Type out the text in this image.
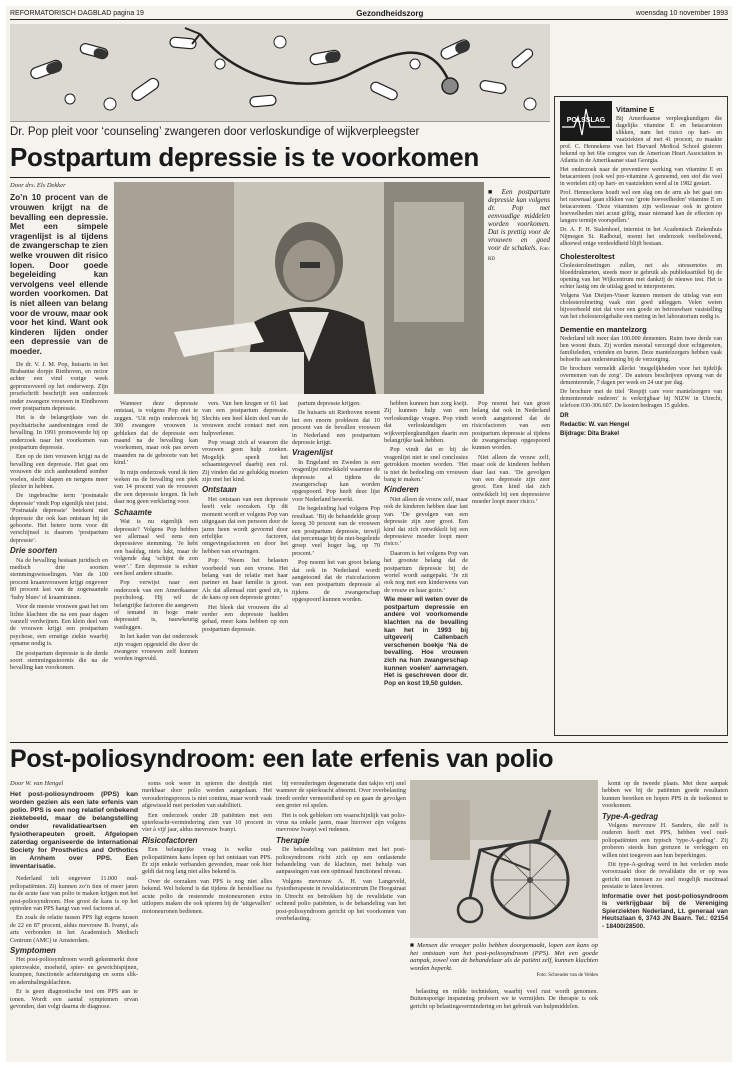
REFORMATORISCH DAGBLAD pagina 19	Gezondheidszorg	woensdag 10 november 1993
Dr. Pop pleit voor ‘counseling’ zwangeren door verloskundige of wijkverpleegster
Postpartum depressie is te voorkomen
Door drs. Els Dekker
Zo’n 10 procent van de vrouwen krijgt na de bevalling een depressie. Met een simpele vragenlijst is al tijdens de zwangerschap te zien welke vrouwen dit risico lopen. Door goede begeleiding kan vervolgens veel ellende worden voorkomen. Dat is niet alleen van belang voor de vrouw, maar ook voor het kind. Want ook kinderen lijden onder een depressie van de moeder.

De dr. V. J. M. Pop, huisarts in het Brabantse dorpje Riethoven, en rector achter een vind vorige week gepromoveerd op het onderwerp. Zijn proefschrift beschrijft een onderzoek onder zwangere vrouwen in Eindhoven over postpartum depressie.

Het is de belangrijkste van de psychiatrische aandoeningen rond de bevalling. In 1991 promoveerde hij op onderzoek naar het voorkomen van postpartum depressie.

Een op de tien vrouwen krijgt na de bevalling een depressie. Het gaat om vrouwen die zich aanhoudend somber voelen, slecht slapen en nergens meer plezier in hebben.

De ingebrachte term ‘postnatale depressie’ vindt Pop eigenlijk niet juist. ‘Postnatale depressie’ betekent niet depressie die ook kan ontstaan bij de geboorte. Het betere term voor dit verschijnsel is daarom ‘postpartum depressie’.

Drie soorten

Na de bevalling bestaan juridisch en medisch drie soorten stemmingswisselingen. Van de 100 procent kraamvrouwen krijgt ongeveer 80 procent last van de zogenaamde ‘baby blues’ of kraamtranen.

Voor de meeste vrouwen gaat het om lichte klachten die na een paar dagen vanzelf verdwijnen. Een klein deel van de vrouwen krijgt een postpartum psychose, een ernstige ziekte waarbij opname nodig is.

De postpartum depressie is de derde soort stemmingsstoornis die na de bevalling kan voorkomen.

■ Een postpartum depressie kan volgens dr. Pop met eenvoudige middelen worden voorkomen. Dat is prettig voor de vrouwen en goed voor de schakels. Foto: RD

Wanneer deze depressie ontstaat, is volgens Pop niet te zeggen. ‘Uit mijn onderzoek bij 300 zwangere vrouwen is gebleken dat de depressie een maand na de bevalling kan voorkomen, maar ook pas zeven maanden na de geboorte van het kind.’

In mijn onderzoek vond ik tien weken na de bevalling een piek van 14 procent van de vrouwen die een depressie kregen. Ik heb daar nog geen verklaring voor.

Schaamte

Wat is nu eigenlijk een depressie? Volgens Pop hebben we allemaal wel eens een depressieve stemming. ‘Je hebt een baaldag, niets lukt, maar de volgende dag ‘schijnt de zon weer’.’ Een depressie is echter een heel andere situatie.

Pop verwijst naar een onderzoek van een Amerikaanse psycholoog. Hij wil de belangrijke factoren die aangeven of iemand in hoge mate depressief is, nauwkeurig vastleggen.

In het kader van dat onderzoek zijn vragen opgesteld die door de zwangere vrouwen zelf kunnen worden ingevuld.

vers. Van hen kregen er 61 last van een postpartum depressie. Slechts een heel klein deel van de vrouwen zocht contact met een hulpverlener.

Pop vraagt zich af waarom die vrouwen geen hulp zoeken. Mogelijk speelt het schaamtegevoel daarbij een rol. Zij vinden dat ze gelukkig moeten zijn met het kind.

Ontstaan

Het ontstaan van een depressie heeft vele oorzaken. Op dit moment wordt er volgens Pop van uitgegaan dat een persoon door de jaren heen wordt gevormd door erfelijke factoren, omgevingsfactoren en door het hebben van ervaringen.

Pop: ‘Neem het belasten voorbeeld van een vrouw. Het belang van de relatie met haar partner en haar familie is groot. Als dat allemaal niet goed zit, is de kans op een depressie groter.’

Het bleek dat vrouwen die al eerder een depressie hadden gehad, meer kans hebben op een postpartum depressie.

partum depressie krijgen.

De huisarts uit Riethoven noemt het een enorm probleem dat 10 procent van de bevallen vrouwen in Nederland een postpartum depressie krijgt.

Vragenlijst

In Engeland en Zweden is een vragenlijst ontwikkeld waarmee de depressie al tijdens de zwangerschap kan worden opgespoord. Pop heeft deze lijst voor Nederland bewerkt.

De begeleiding had volgens Pop resultaat. ‘Bij de behandelde groep kreeg 30 procent van de vrouwen een postpartum depressie, terwijl dat percentage bij de niet-begeleide groep veel hoger lag, op 70 procent.’

Pop noemt het van groot belang dat ook in Nederland wordt aangetoond dat de risicofactoren van een postpartum depressie al tijdens de zwangerschap opgespoord kunnen worden.

hebben kunnen hun zorg kwijt. Zij kunnen hulp van een verloskundige vragen. Pop vindt dat verloskundigen en wijkverpleegkundigen daarin een belangrijke taak hebben.

Pop vindt dat er bij de vragenlijst niet te snel conclusies getrokken moeten worden. ‘Het is niet de bedoeling om vrouwen bang te maken.’

Kinderen

Niet alleen de vrouw zelf, maar ook de kinderen hebben daar last van. ‘De gevolgen van een depressie zijn zeer groot. Een kind dat zich ontwikkelt bij een depressieve moeder loopt meer risico.’

Daarom is het volgens Pop van het grootste belang dat de postpartum depressie bij de wortel wordt aangepakt. ‘Je zit ook nog met een kinderwens van de vrouw en haar gezin.’

Wie meer wil weten over de postpartum depressie en andere vol voorkomende klachten na de bevalling kan het in 1993 bij uitgeverij Callenbach verschenen boekje ‘Na de bevalling. Hoe vrouwen zich na hun zwangerschap kunnen voelen’ aanvragen. Het is geschreven door dr. Pop en kost 19,50 gulden.

Pop noemt het van groot belang dat ook in Nederland wordt aangetoond dat de risicofactoren van een postpartum depressie al tijdens de zwangerschap opgespoord kunnen worden.

Niet alleen de vrouw zelf, maar ook de kinderen hebben daar last van. ‘De gevolgen van een depressie zijn zeer groot. Een kind dat zich ontwikkelt bij een depressieve moeder loopt meer risico.’

POLSSLAG
Vitamine E

Bij Amerikaanse verpleegkundigen die dagelijks vitamine E en betacaroteen slikken, nam het risico op hart- en vaatziekten af met 41 procent, zo maakte prof. C. Hennekens van het Harvard Medical School gisteren bekend op het 66e congres van de American Heart Association in Atlanta in de Amerikaanse staat Georgia.

Het onderzoek naar de preventieve werking van vitamine E en betacaroteen (ook wel pro-vitamine A genoemd, een stof die veel in wortelen zit) op hart- en vaatziekten werd al in 1982 gestart.

Prof. Henneckens houdt wel een slag om de arm als het gaat om het rauwnaal gaan slikken van ‘grote hoeveelheden’ vitamine E en betacaroteen. ‘Deze vitaminen zijn weliswaar ook in grotere hoeveelheden niet acuut giftig, maar niemand kan de effecten op langere termijn voorspellen.’

Dr. A. F. H. Stalenhoef, internist in het Academisch Ziekenhuis Nijmegen St. Radboud, noemt het onderzoek veelbelovend, alhoewel enige verdeeldheid blijft bestaan.

Cholesteroltest

Cholesterolmetingen zullen, net als stressenotes en bloeddrukmeten, steeds meer te gebruik als publieksartikel bij de opening van het Wijkcentrum met dankzij de nieuwe test. Het is echter lastig om de uitslag goed te interpreteren.

Volgens Van Dieijen-Visser kunnen mensen de uitslag van een cholesterolmeting vaak niet goed uitleggen. Velen weten bijvoorbeeld niet dat voor een goede en betrouwbare vaststelling van het cholesterolgehalte een meting in het laboratorium nodig is.

Dementie en mantelzorg

Nederland telt meer dan 100.000 dementen. Ruim twee derde van hen woont thuis. Zij worden meestal verzorgd door echtgenoten, familieleden, vrienden en buren. Deze mantelzorgers hebben vaak behoefte aan ondersteuning bij de verzorging.

De brochure vermeldt allerlei ‘mogelijkheden voor het tijdelijk overnemen van de zorg’. De auteurs beschrijven opvang van de dementerende, 7 dagen per week en 24 uur per dag.

De brochure met de titel ‘Respijt care voor mantelzorgers van dementerende ouderen’ is verkrijgbaar bij NIZW in Utrecht, telefoon 030-306.607. De kosten bedragen 15 gulden.

DR
Redactie: W. van Hengel
Bijdrage: Dita Brakel
Post-poliosyndroom: een late erfenis van polio
Door W. van Hengel
Het post-poliosyndroom (PPS) kan worden gezien als een late erfenis van polio. PPS is een nog relatief onbekend ziektebeeld, maar de belangstelling onder revalidatieartsen en fysiotherapeuten groeit. Afgelopen zaterdag organiseerde de International Society for Prosthetics and Orthotics in Arnhem over PPS. Een inventarisatie.

Nederland telt ongeveer 11.000 oud-poliopatiënten. Zij kunnen zo’n tien of meer jaren na de acute fase van polio te maken krijgen met het post-poliosyndroom. Hoe groot de kans is op het optreden van PPS hangt van veel factoren af.

En zoals de relatie tussen PPS ligt ergens tussen de 22 en 87 procent, aldus mevrouw B. Ivanyi, als arts verbonden in het Academisch Medisch Centrum (AMC) te Amsterdam.

Symptomen

Het post-poliosyndroom wordt gekenmerkt door spierzwakte, moeheid, spier- en gewrichtspijnen, krampen, functionele achteruitgang en soms slik- en ademhalingsklachten.

Er is geen diagnostische test om PPS aan te tonen. Wordt een aantal symptomen ervan gevonden, dan volgt daarna de diagnose.

soms ook weer in spieren die destijds niet merkbaar door polio werden aangedaan. Het verouderingsproces is niet continu, maar wordt vaak afgewisseld met perioden van stabiliteit.

Een onderzoek onder 28 patiënten met een spierkracht-vermindering zien van 10 procent in vier à vijf jaar, aldus mevrouw Ivanyi.

Risicofactoren

Een belangrijke vraag is welke oud-poliopatiënten kans lopen op het ontstaan van PPS. Er zijn enkele verbanden gevonden, maar ook hier geldt dat nog lang niet alles bekend is.

Over de oorzaken van PPS is nog niet alles bekend. Wel bekend is dat tijdens de herstelfase na acute polio de resterende motoneuronen extra uitlopers maken die ook spieren bij de ‘uitgevallen’ motoneuronen bedienen.

bij verouderingen degeneratie dan takjes vrij snel wanneer de spierkracht afneemt. Over overbelasting treedt eerder vermoeidheid op en gaan de gevolgen een groter rol spelen.

Het is ook gebleken om waarschijnlijk van polio-virus na enkele jaren, maar hierover zijn volgens mevrouw Ivanyi wel redenen.

Therapie

De behandeling van patiënten met het post-poliosyndroom richt zich op een ontlastende behandeling van de klachten, met behulp van aanpassingen van een optimaal functioneel niveau.

Volgens mevrouw A. H. van Langeveld, fysiotherapeute in revalidatiecentrum De Hoogstraat in Utrecht en betrokken bij de revalidatie van ochtend polio patiënten, is de behandeling van het post-poliosyndroom gericht op het voorkomen van overbelasting.

■ Mensen die vroeger polio hebben doorgemaakt, lopen een kans op het ontstaan van het post-poliosyndroom (PPS). Met een goede aanpak, zowel van de behandelaar als de patiënt zelf, kunnen klachten worden beperkt.
Foto: Schreuder van de Velden

belasting en milde technieken, waarbij veel rust wordt genomen. Buitensporige inspanning probeert we te vermijden. De therapie is ook gericht op belastingsvermindering en het gebruik van hulpmiddelen.

komt op de tweede plaats. Met deze aanpak hebben we bij de patiënten goede resultaten kunnen bereiken en hopen PPS in de toekomst te voorkomen.

Type-A-gedrag

Volgens mevrouw H. Sanders, die zelf is ouderen heeft met PPS, hebben veel oud-poliopatiënten een typisch ‘type-A-gedrag’. Zij proberen steeds hun grenzen te verleggen en willen niet toegeven aan hun beperkingen.

Dit type-A-gedrag werd in het verleden mede veroorzaakt door de revalidatie die er op was gericht om mensen zo snel mogelijk maximaal prestatie te laten leveren.

Informatie over het post-poliosyndroom is verkrijgbaar bij de Vereniging Spierziekten Nederland, Lt. generaal van Heutszlaan 6, 3743 JN Baarn. Tel.: 02154 - 18400/28500.
